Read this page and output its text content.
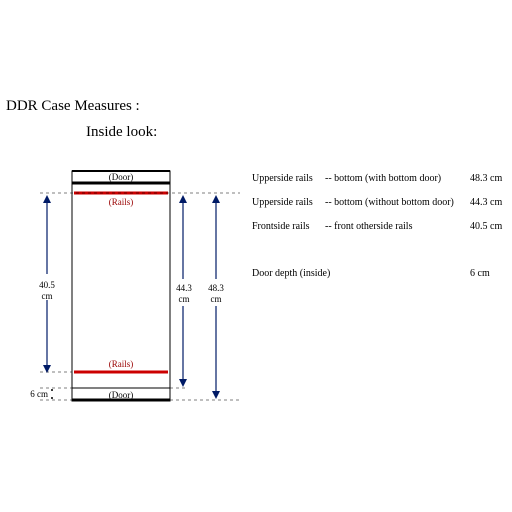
DDR Case Measures :
Inside look:
(Door)
(Door)
(Rails)
(Rails)
40.5
cm
44.3
cm
48.3
cm
6 cm
Upperside rails -- bottom (with bottom door)	48.3 cm
Upperside rails -- bottom (without bottom door) 44.3 cm
Frontside rails -- front otherside rails	40.5 cm
Door depth (inside)	6 cm
